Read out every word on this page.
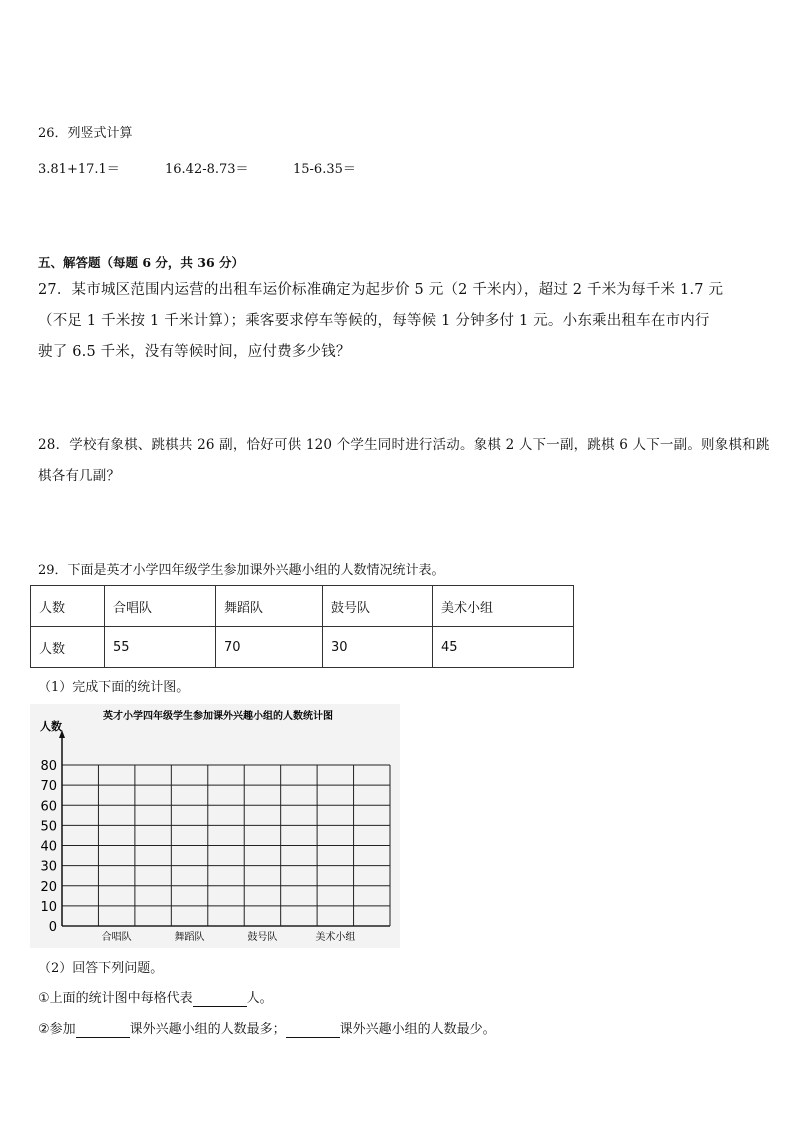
26．列竖式计算
3.81+17.1＝	16.42-8.73＝	15-6.35＝
五、解答题（每题 6 分，共 36 分）
27．某市城区范围内运营的出租车运价标准确定为起步价 5 元（2 千米内），超过 2 千米为每千米 1.7 元
（不足 1 千米按 1 千米计算）；乘客要求停车等候的，每等候 1 分钟多付 1 元。小东乘出租车在市内行
驶了 6.5 千米，没有等候时间，应付费多少钱？
28．学校有象棋、跳棋共 26 副，恰好可供 120 个学生同时进行活动。象棋 2 人下一副，跳棋 6 人下一副。则象棋和跳
棋各有几副？
29．下面是英才小学四年级学生参加课外兴趣小组的人数情况统计表。
人数	合唱队	舞蹈队	鼓号队	美术小组
人数	55	70	30	45
（1）完成下面的统计图。
英才小学四年级学生参加课外兴趣小组的人数统计图
人数
0
10
20
30
40
50
60
70
80
合唱队	舞蹈队	鼓号队	美术小组
（2）回答下列问题。
①上面的统计图中每格代表	人。
②参加	课外兴趣小组的人数最多；	课外兴趣小组的人数最少。
